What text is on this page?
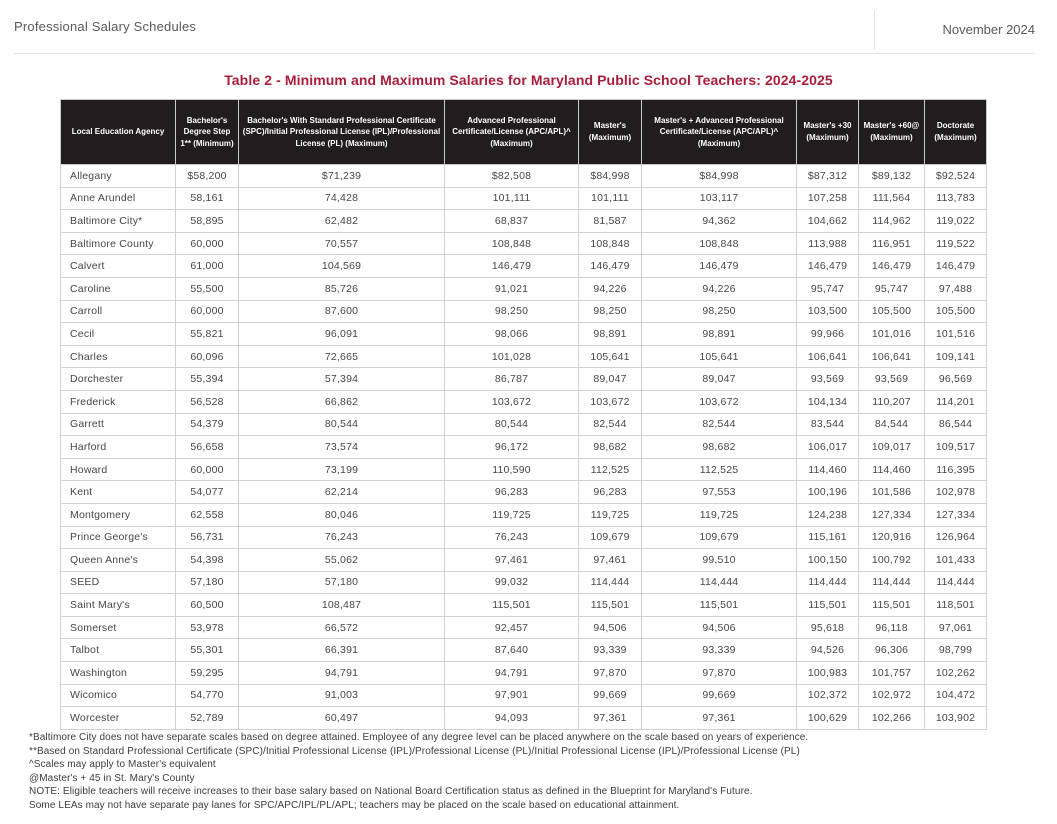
Professional Salary Schedules	November 2024
Table 2 - Minimum and Maximum Salaries for Maryland Public School Teachers: 2024-2025
Local Education Agency	Bachelor's Degree Step 1** (Minimum)	Bachelor's With Standard Professional Certificate (SPC)/Initial Professional License (IPL)/Professional License (PL) (Maximum)	Advanced Professional Certificate/License (APC/APL)^ (Maximum)	Master's (Maximum)	Master's + Advanced Professional Certificate/License (APC/APL)^ (Maximum)	Master's +30 (Maximum)	Master's +60@ (Maximum)	Doctorate (Maximum)
Allegany	$58,200	$71,239	$82,508	$84,998	$84,998	$87,312	$89,132	$92,524
Anne Arundel	58,161	74,428	101,111	101,111	103,117	107,258	111,564	113,783
Baltimore City*	58,895	62,482	68,837	81,587	94,362	104,662	114,962	119,022
Baltimore County	60,000	70,557	108,848	108,848	108,848	113,988	116,951	119,522
Calvert	61,000	104,569	146,479	146,479	146,479	146,479	146,479	146,479
Caroline	55,500	85,726	91,021	94,226	94,226	95,747	95,747	97,488
Carroll	60,000	87,600	98,250	98,250	98,250	103,500	105,500	105,500
Cecil	55,821	96,091	98,066	98,891	98,891	99,966	101,016	101,516
Charles	60,096	72,665	101,028	105,641	105,641	106,641	106,641	109,141
Dorchester	55,394	57,394	86,787	89,047	89,047	93,569	93,569	96,569
Frederick	56,528	66,862	103,672	103,672	103,672	104,134	110,207	114,201
Garrett	54,379	80,544	80,544	82,544	82,544	83,544	84,544	86,544
Harford	56,658	73,574	96,172	98,682	98,682	106,017	109,017	109,517
Howard	60,000	73,199	110,590	112,525	112,525	114,460	114,460	116,395
Kent	54,077	62,214	96,283	96,283	97,553	100,196	101,586	102,978
Montgomery	62,558	80,046	119,725	119,725	119,725	124,238	127,334	127,334
Prince George's	56,731	76,243	76,243	109,679	109,679	115,161	120,916	126,964
Queen Anne's	54,398	55,062	97,461	97,461	99,510	100,150	100,792	101,433
SEED	57,180	57,180	99,032	114,444	114,444	114,444	114,444	114,444
Saint Mary's	60,500	108,487	115,501	115,501	115,501	115,501	115,501	118,501
Somerset	53,978	66,572	92,457	94,506	94,506	95,618	96,118	97,061
Talbot	55,301	66,391	87,640	93,339	93,339	94,526	96,306	98,799
Washington	59,295	94,791	94,791	97,870	97,870	100,983	101,757	102,262
Wicomico	54,770	91,003	97,901	99,669	99,669	102,372	102,972	104,472
Worcester	52,789	60,497	94,093	97,361	97,361	100,629	102,266	103,902
*Baltimore City does not have separate scales based on degree attained. Employee of any degree level can be placed anywhere on the scale based on years of experience.
**Based on Standard Professional Certificate (SPC)/Initial Professional License (IPL)/Professional License (PL)/Initial Professional License (IPL)/Professional License (PL)
^Scales may apply to Master's equivalent
@Master's + 45 in St. Mary's County
NOTE: Eligible teachers will receive increases to their base salary based on National Board Certification status as defined in the Blueprint for Maryland's Future.
Some LEAs may not have separate pay lanes for SPC/APC/IPL/PL/APL; teachers may be placed on the scale based on educational attainment.
